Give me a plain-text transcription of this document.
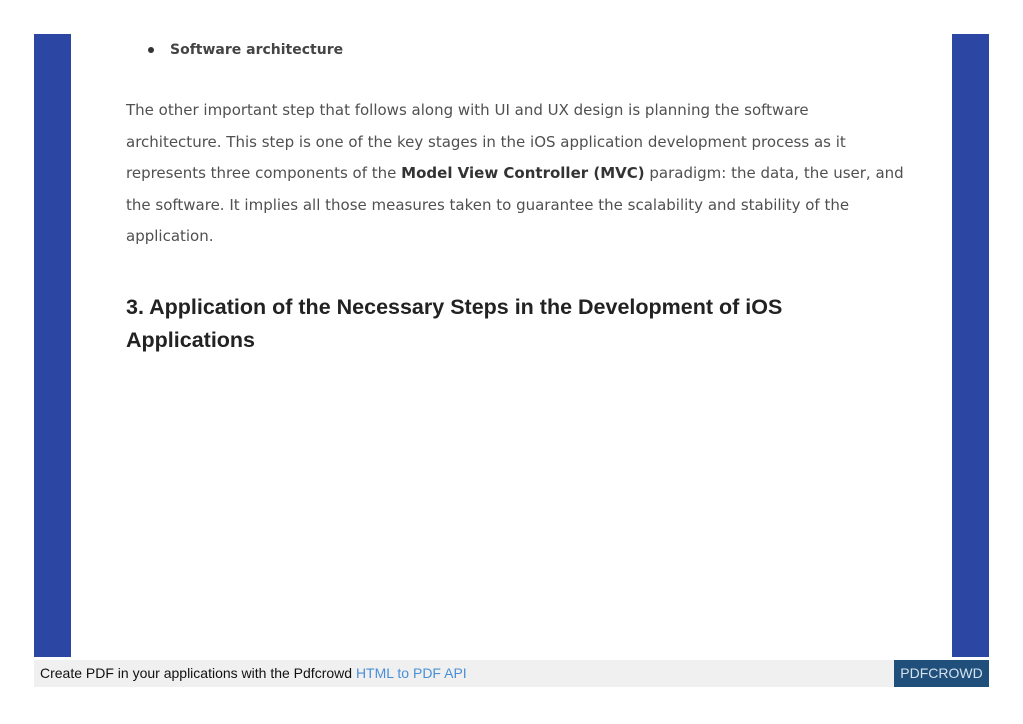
Software architecture

The other important step that follows along with UI and UX design is planning the software architecture. This step is one of the key stages in the iOS application development process as it represents three components of the Model View Controller (MVC) paradigm: the data, the user, and the software. It implies all those measures taken to guarantee the scalability and stability of the application.

3. Application of the Necessary Steps in the Development of iOS Applications
Create PDF in your applications with the Pdfcrowd HTML to PDF API	PDFCROWD
